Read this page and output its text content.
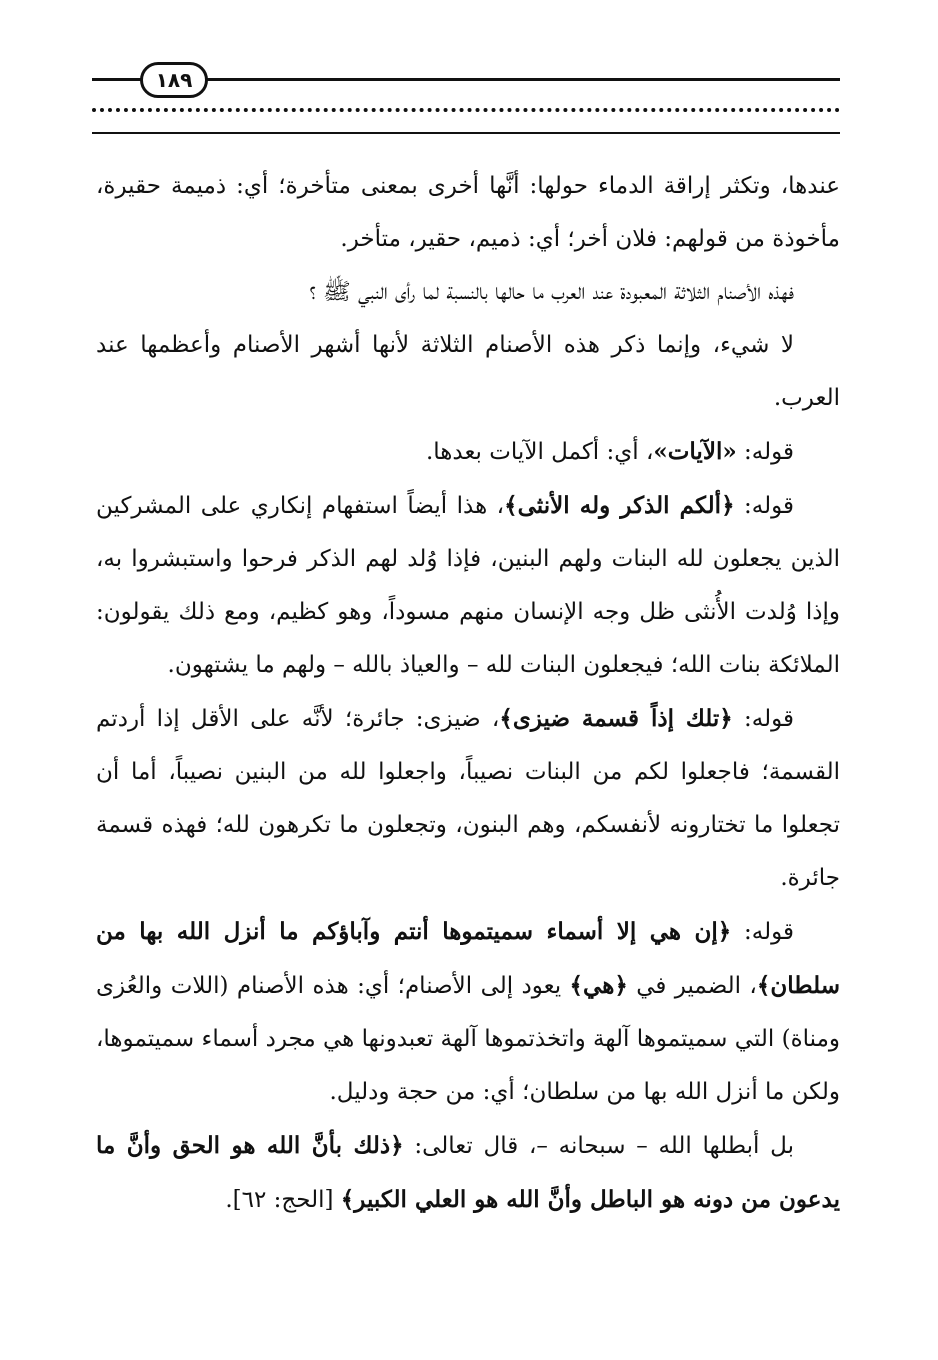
١٨٩

عندها، وتكثر إراقة الدماء حولها: أنَّها أخرى بمعنى متأخرة؛ أي: ذميمة حقيرة، مأخوذة من قولهم: فلان أخر؛ أي: ذميم، حقير، متأخر.

فهذه الأصنام الثلاثة المعبودة عند العرب ما حالها بالنسبة لما رأى النبي ﷺ ؟

لا شيء، وإنما ذكر هذه الأصنام الثلاثة لأنها أشهر الأصنام وأعظمها عند العرب.

قوله: «الآيات»، أي: أكمل الآيات بعدها.

قوله: ﴿ألكم الذكر وله الأنثى﴾، هذا أيضاً استفهام إنكاري على المشركين الذين يجعلون لله البنات ولهم البنين، فإذا وُلد لهم الذكر فرحوا واستبشروا به، وإذا وُلدت الأُنثى ظل وجه الإنسان منهم مسوداً، وهو كظيم، ومع ذلك يقولون: الملائكة بنات الله؛ فيجعلون البنات لله – والعياذ بالله – ولهم ما يشتهون.

قوله: ﴿تلك إذاً قسمة ضيزى﴾، ضيزى: جائرة؛ لأنَّه على الأقل إذا أردتم القسمة؛ فاجعلوا لكم من البنات نصيباً، واجعلوا لله من البنين نصيباً، أما أن تجعلوا ما تختارونه لأنفسكم، وهم البنون، وتجعلون ما تكرهون لله؛ فهذه قسمة جائرة.

قوله: ﴿إن هي إلا أسماء سميتموها أنتم وآباؤكم ما أنزل الله بها من سلطان﴾، الضمير في ﴿هي﴾ يعود إلى الأصنام؛ أي: هذه الأصنام (اللات والعُزى ومناة) التي سميتموها آلهة واتخذتموها آلهة تعبدونها هي مجرد أسماء سميتموها، ولكن ما أنزل الله بها من سلطان؛ أي: من حجة ودليل.

بل أبطلها الله – سبحانه –، قال تعالى: ﴿ذلك بأنَّ الله هو الحق وأنَّ ما يدعون من دونه هو الباطل وأنَّ الله هو العلي الكبير﴾ [الحج: ٦٢].
